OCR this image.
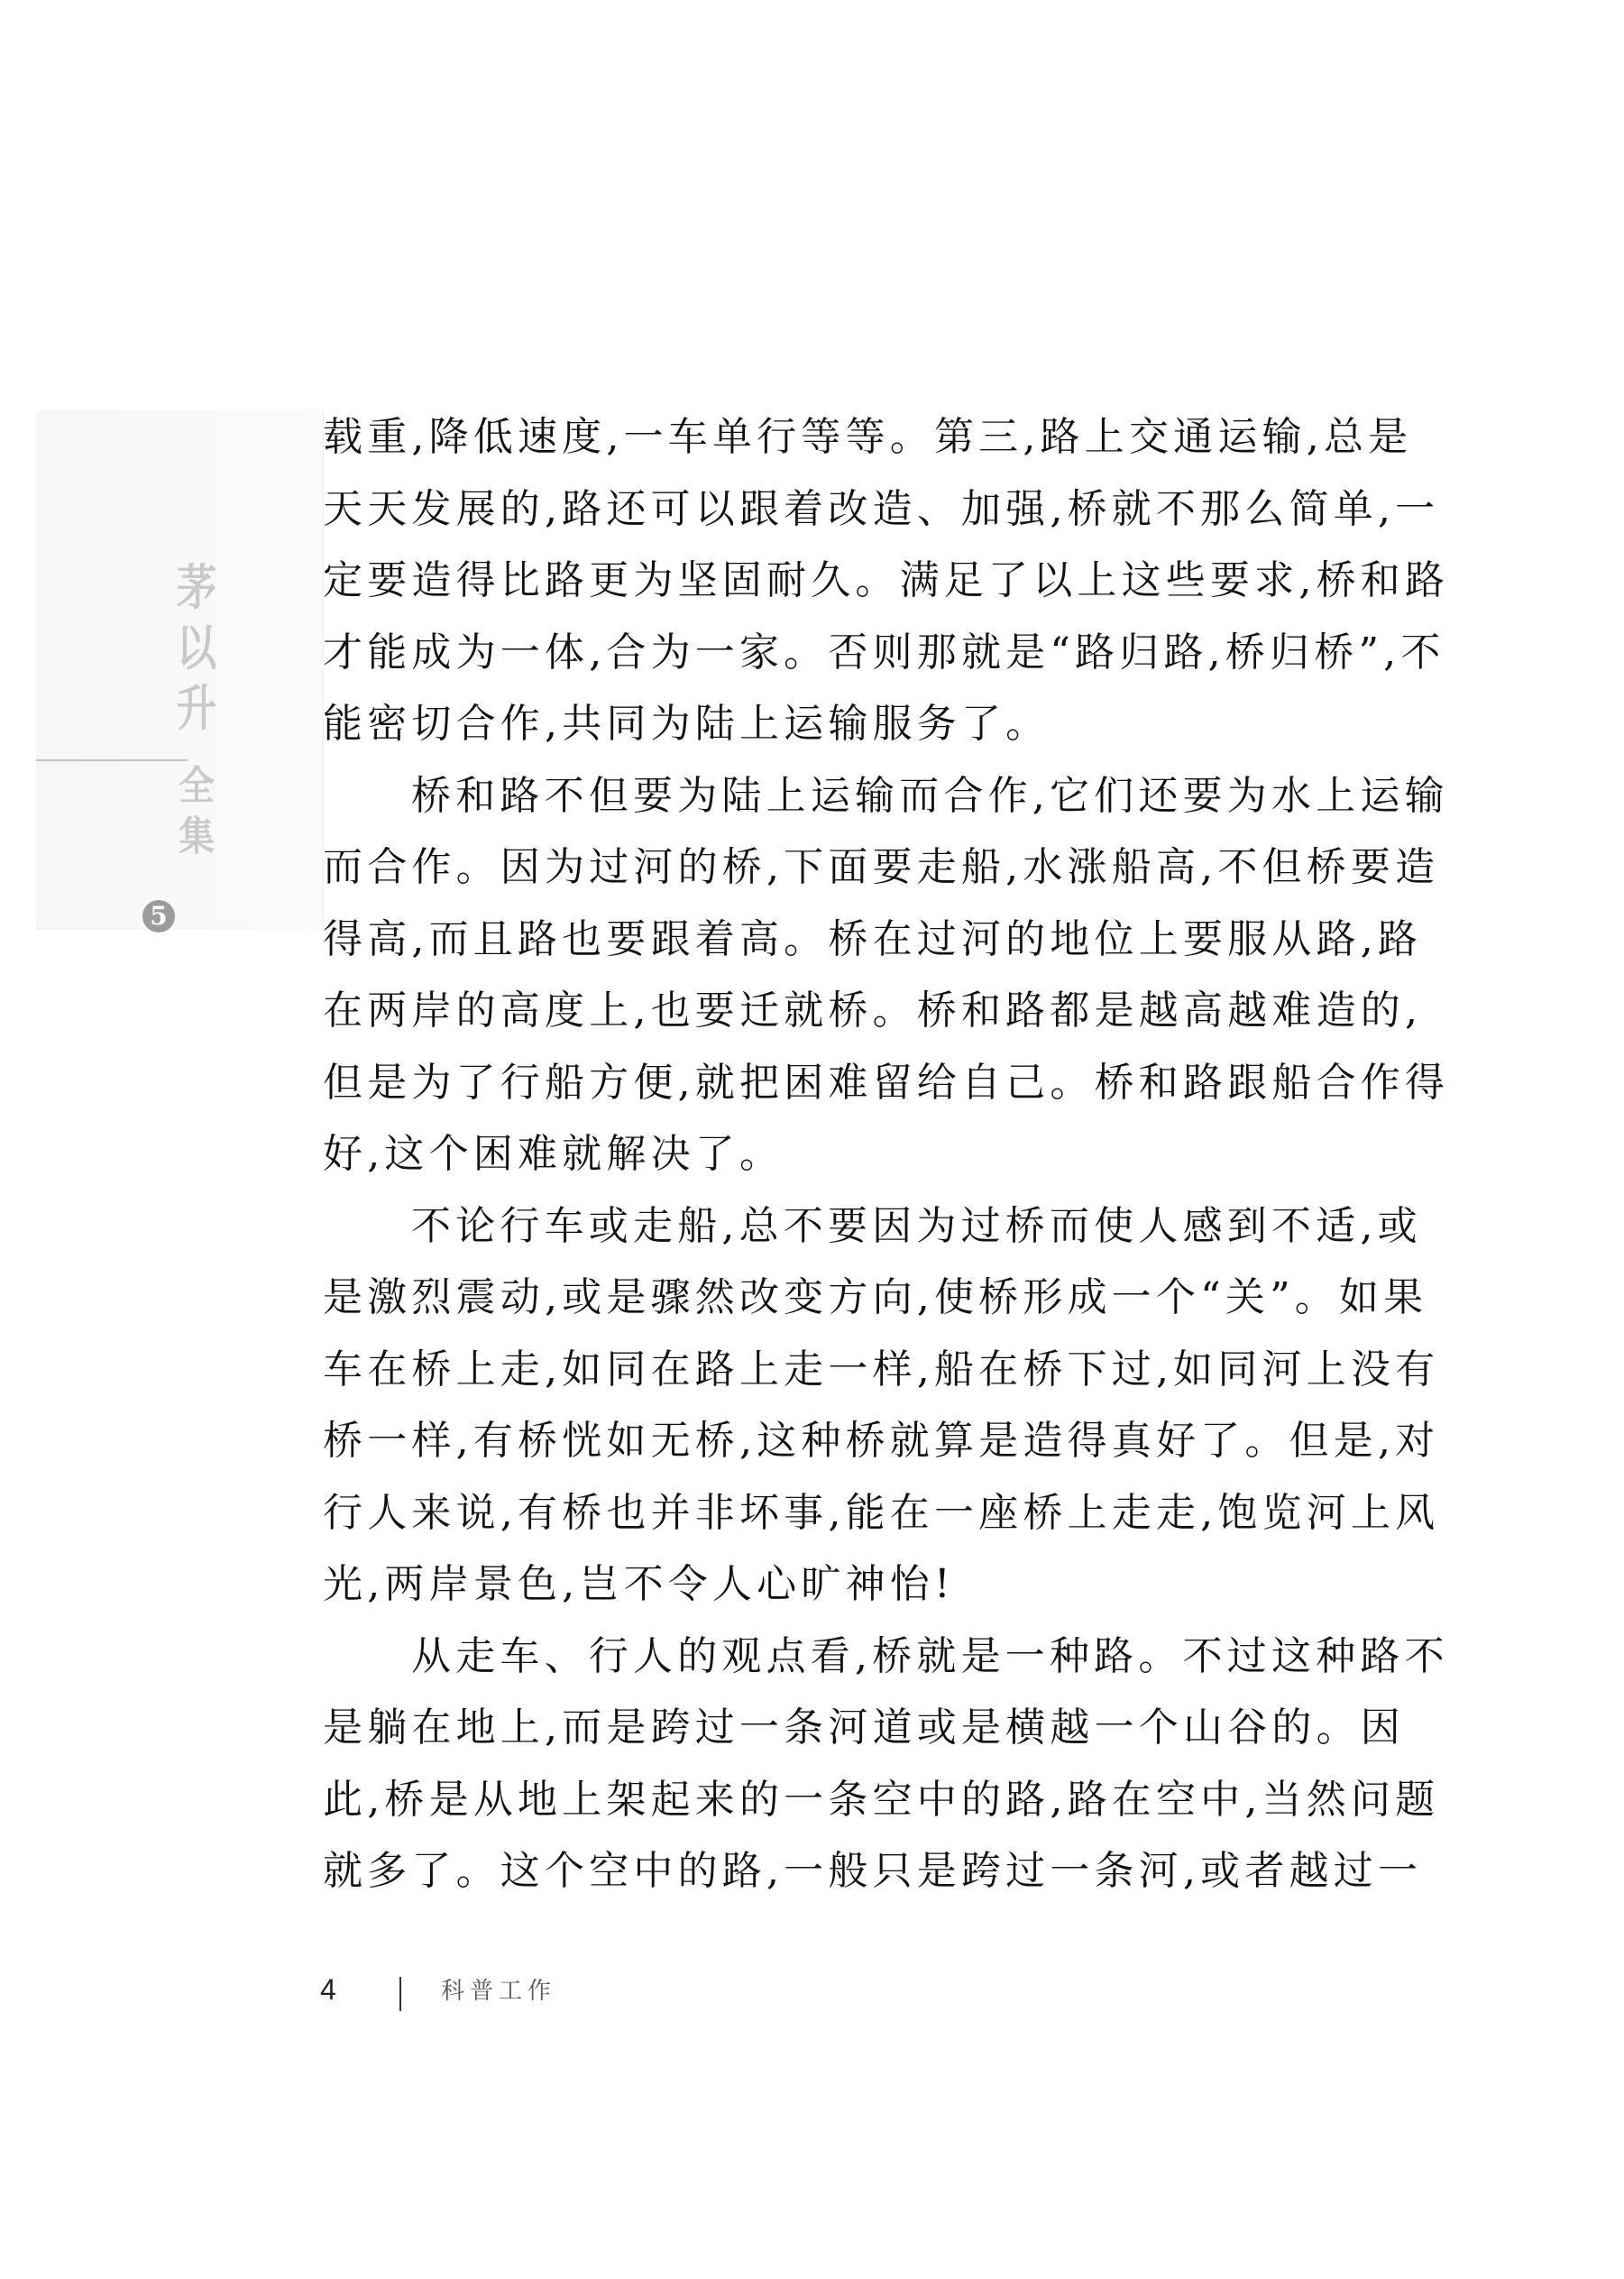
茅
以
升
全
集
5
载重,降低速度,一车单行等等。第三,路上交通运输,总是
天天发展的,路还可以跟着改造、加强,桥就不那么简单,一
定要造得比路更为坚固耐久。满足了以上这些要求,桥和路
才能成为一体,合为一家。否则那就是“路归路,桥归桥”,不
能密切合作,共同为陆上运输服务了。
桥和路不但要为陆上运输而合作,它们还要为水上运输
而合作。因为过河的桥,下面要走船,水涨船高,不但桥要造
得高,而且路也要跟着高。桥在过河的地位上要服从路,路
在两岸的高度上,也要迁就桥。桥和路都是越高越难造的,
但是为了行船方便,就把困难留给自己。桥和路跟船合作得
好,这个困难就解决了。
不论行车或走船,总不要因为过桥而使人感到不适,或
是激烈震动,或是骤然改变方向,使桥形成一个“关”。如果
车在桥上走,如同在路上走一样,船在桥下过,如同河上没有
桥一样,有桥恍如无桥,这种桥就算是造得真好了。但是,对
行人来说,有桥也并非坏事,能在一座桥上走走,饱览河上风
光,两岸景色,岂不令人心旷神怡!
从走车、行人的观点看,桥就是一种路。不过这种路不
是躺在地上,而是跨过一条河道或是横越一个山谷的。因
此,桥是从地上架起来的一条空中的路,路在空中,当然问题
就多了。这个空中的路,一般只是跨过一条河,或者越过一
4	科普工作
